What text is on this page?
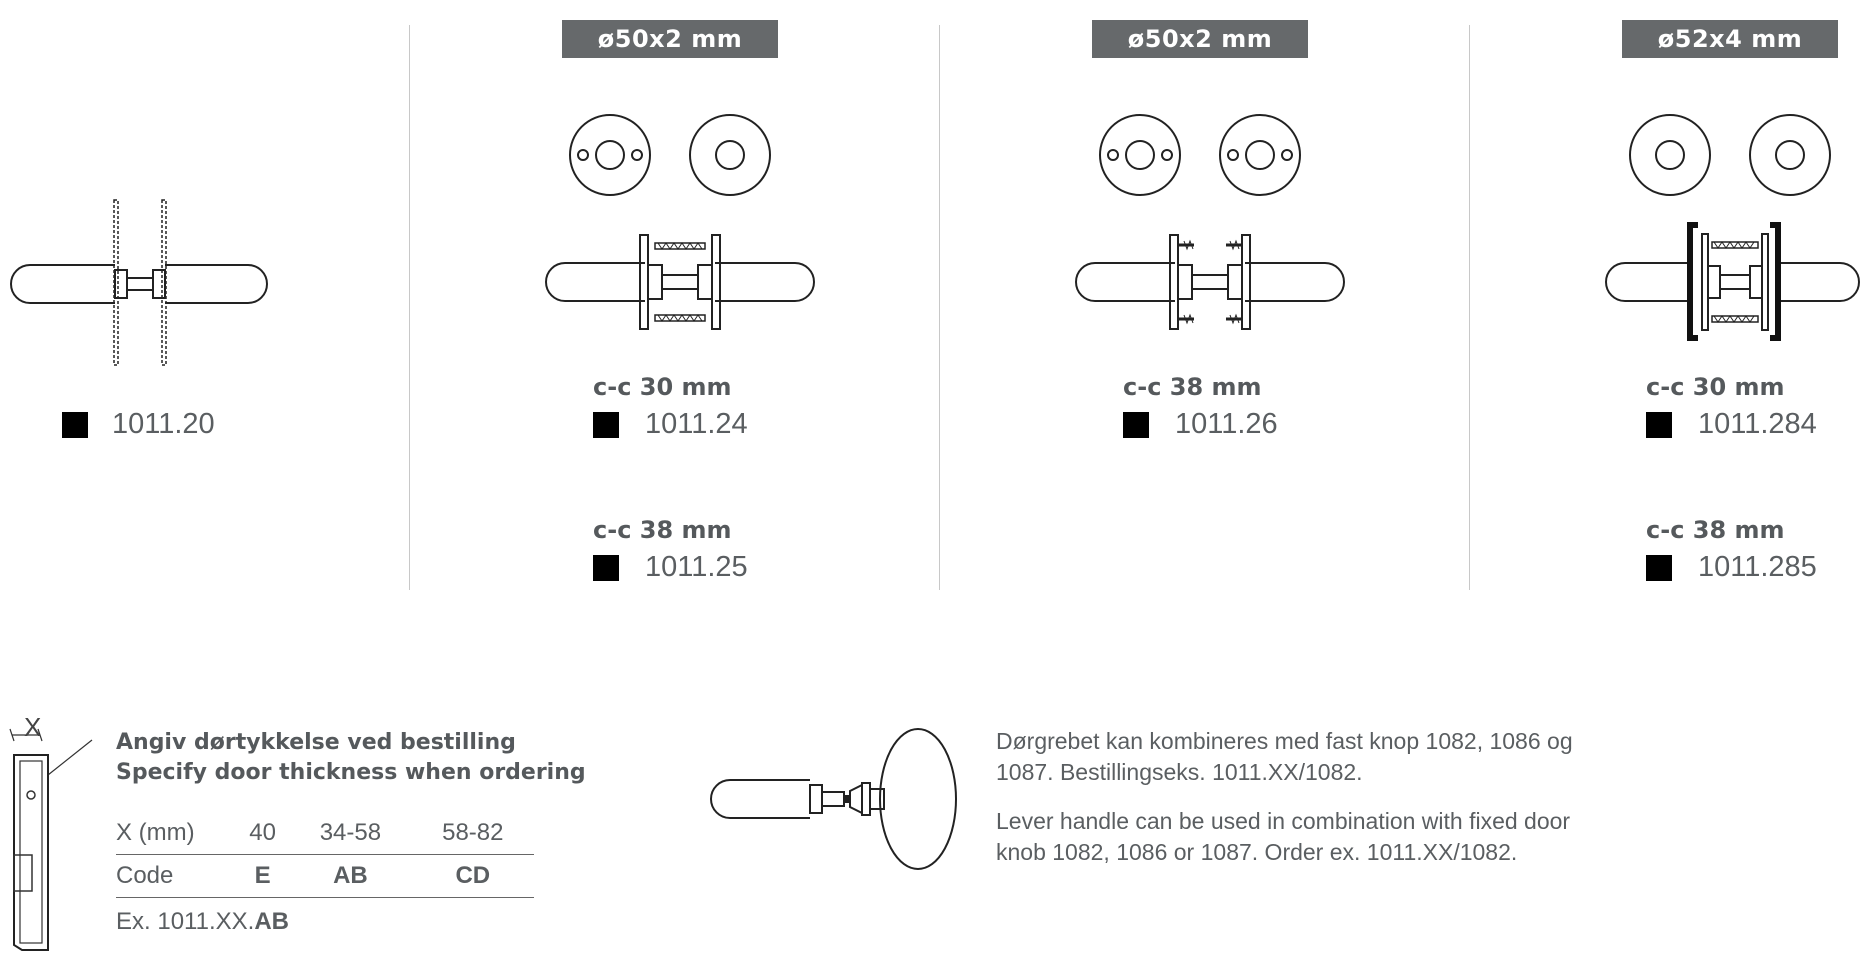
1011.20
ø50x2 mm
c-c 30 mm
1011.24
c-c 38 mm
1011.25
ø50x2 mm
c-c 38 mm
1011.26
ø52x4 mm
c-c 30 mm
1011.284
c-c 38 mm
1011.285
X
Angiv dørtykkelse ved bestilling
Specify door thickness when ordering
X (mm)	40	34-58	58-82
Code	E	AB	CD
Ex. 1011.XX.AB

Dørgrebet kan kombineres med fast knop 1082, 1086 og 1087. Bestillingseks. 1011.XX/1082.

Lever handle can be used in combination with fixed door knob 1082, 1086 or 1087. Order ex. 1011.XX/1082.
